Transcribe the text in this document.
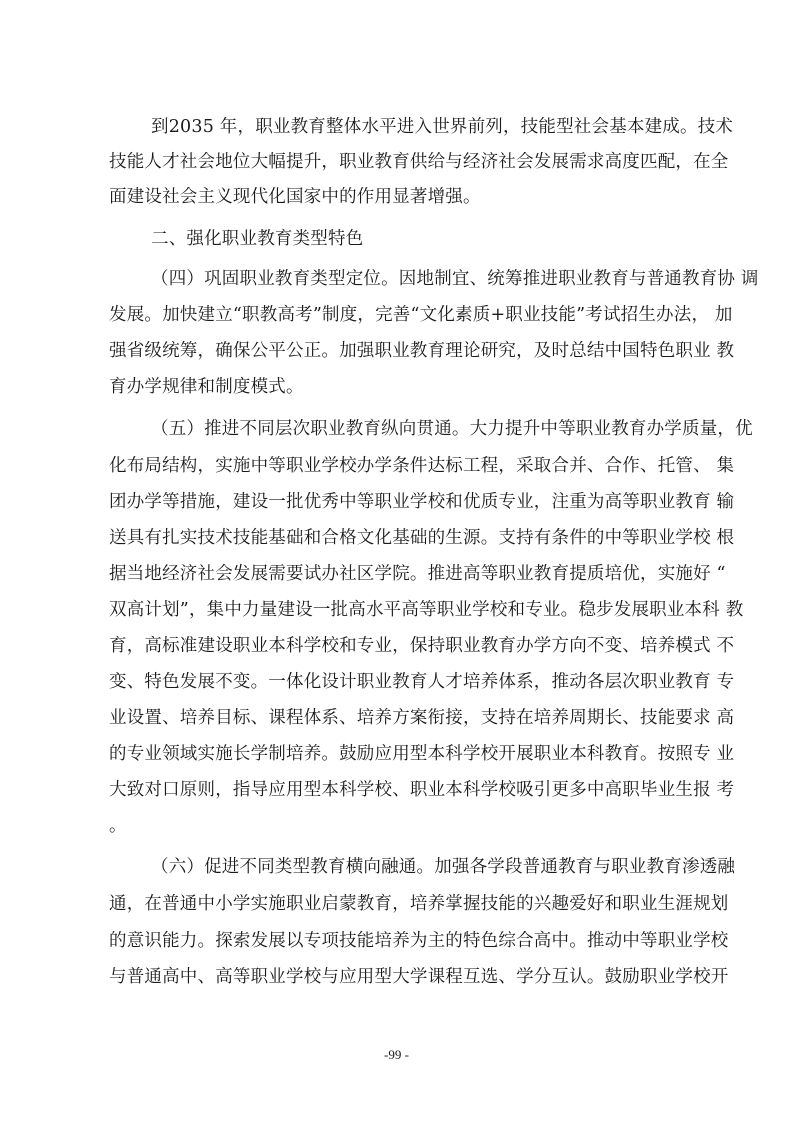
到2035 年，职业教育整体水平进入世界前列，技能型社会基本建成。技术
技能人才社会地位大幅提升，职业教育供给与经济社会发展需求高度匹配，在全
面建设社会主义现代化国家中的作用显著增强。
二、强化职业教育类型特色
（四）巩固职业教育类型定位。因地制宜、统筹推进职业教育与普通教育协 调
发展。加快建立“职教高考”制度，完善“文化素质+职业技能”考试招生办法， 加
强省级统筹，确保公平公正。加强职业教育理论研究，及时总结中国特色职业 教
育办学规律和制度模式。
（五）推进不同层次职业教育纵向贯通。大力提升中等职业教育办学质量，优
化布局结构，实施中等职业学校办学条件达标工程，采取合并、合作、托管、 集
团办学等措施，建设一批优秀中等职业学校和优质专业，注重为高等职业教育 输
送具有扎实技术技能基础和合格文化基础的生源。支持有条件的中等职业学校 根
据当地经济社会发展需要试办社区学院。推进高等职业教育提质培优，实施好 “
双高计划”，集中力量建设一批高水平高等职业学校和专业。稳步发展职业本科 教
育，高标准建设职业本科学校和专业，保持职业教育办学方向不变、培养模式 不
变、特色发展不变。一体化设计职业教育人才培养体系，推动各层次职业教育 专
业设置、培养目标、课程体系、培养方案衔接，支持在培养周期长、技能要求 高
的专业领域实施长学制培养。鼓励应用型本科学校开展职业本科教育。按照专 业
大致对口原则，指导应用型本科学校、职业本科学校吸引更多中高职毕业生报 考
。
（六）促进不同类型教育横向融通。加强各学段普通教育与职业教育渗透融
通，在普通中小学实施职业启蒙教育，培养掌握技能的兴趣爱好和职业生涯规划
的意识能力。探索发展以专项技能培养为主的特色综合高中。推动中等职业学校
与普通高中、高等职业学校与应用型大学课程互选、学分互认。鼓励职业学校开
-99 -
